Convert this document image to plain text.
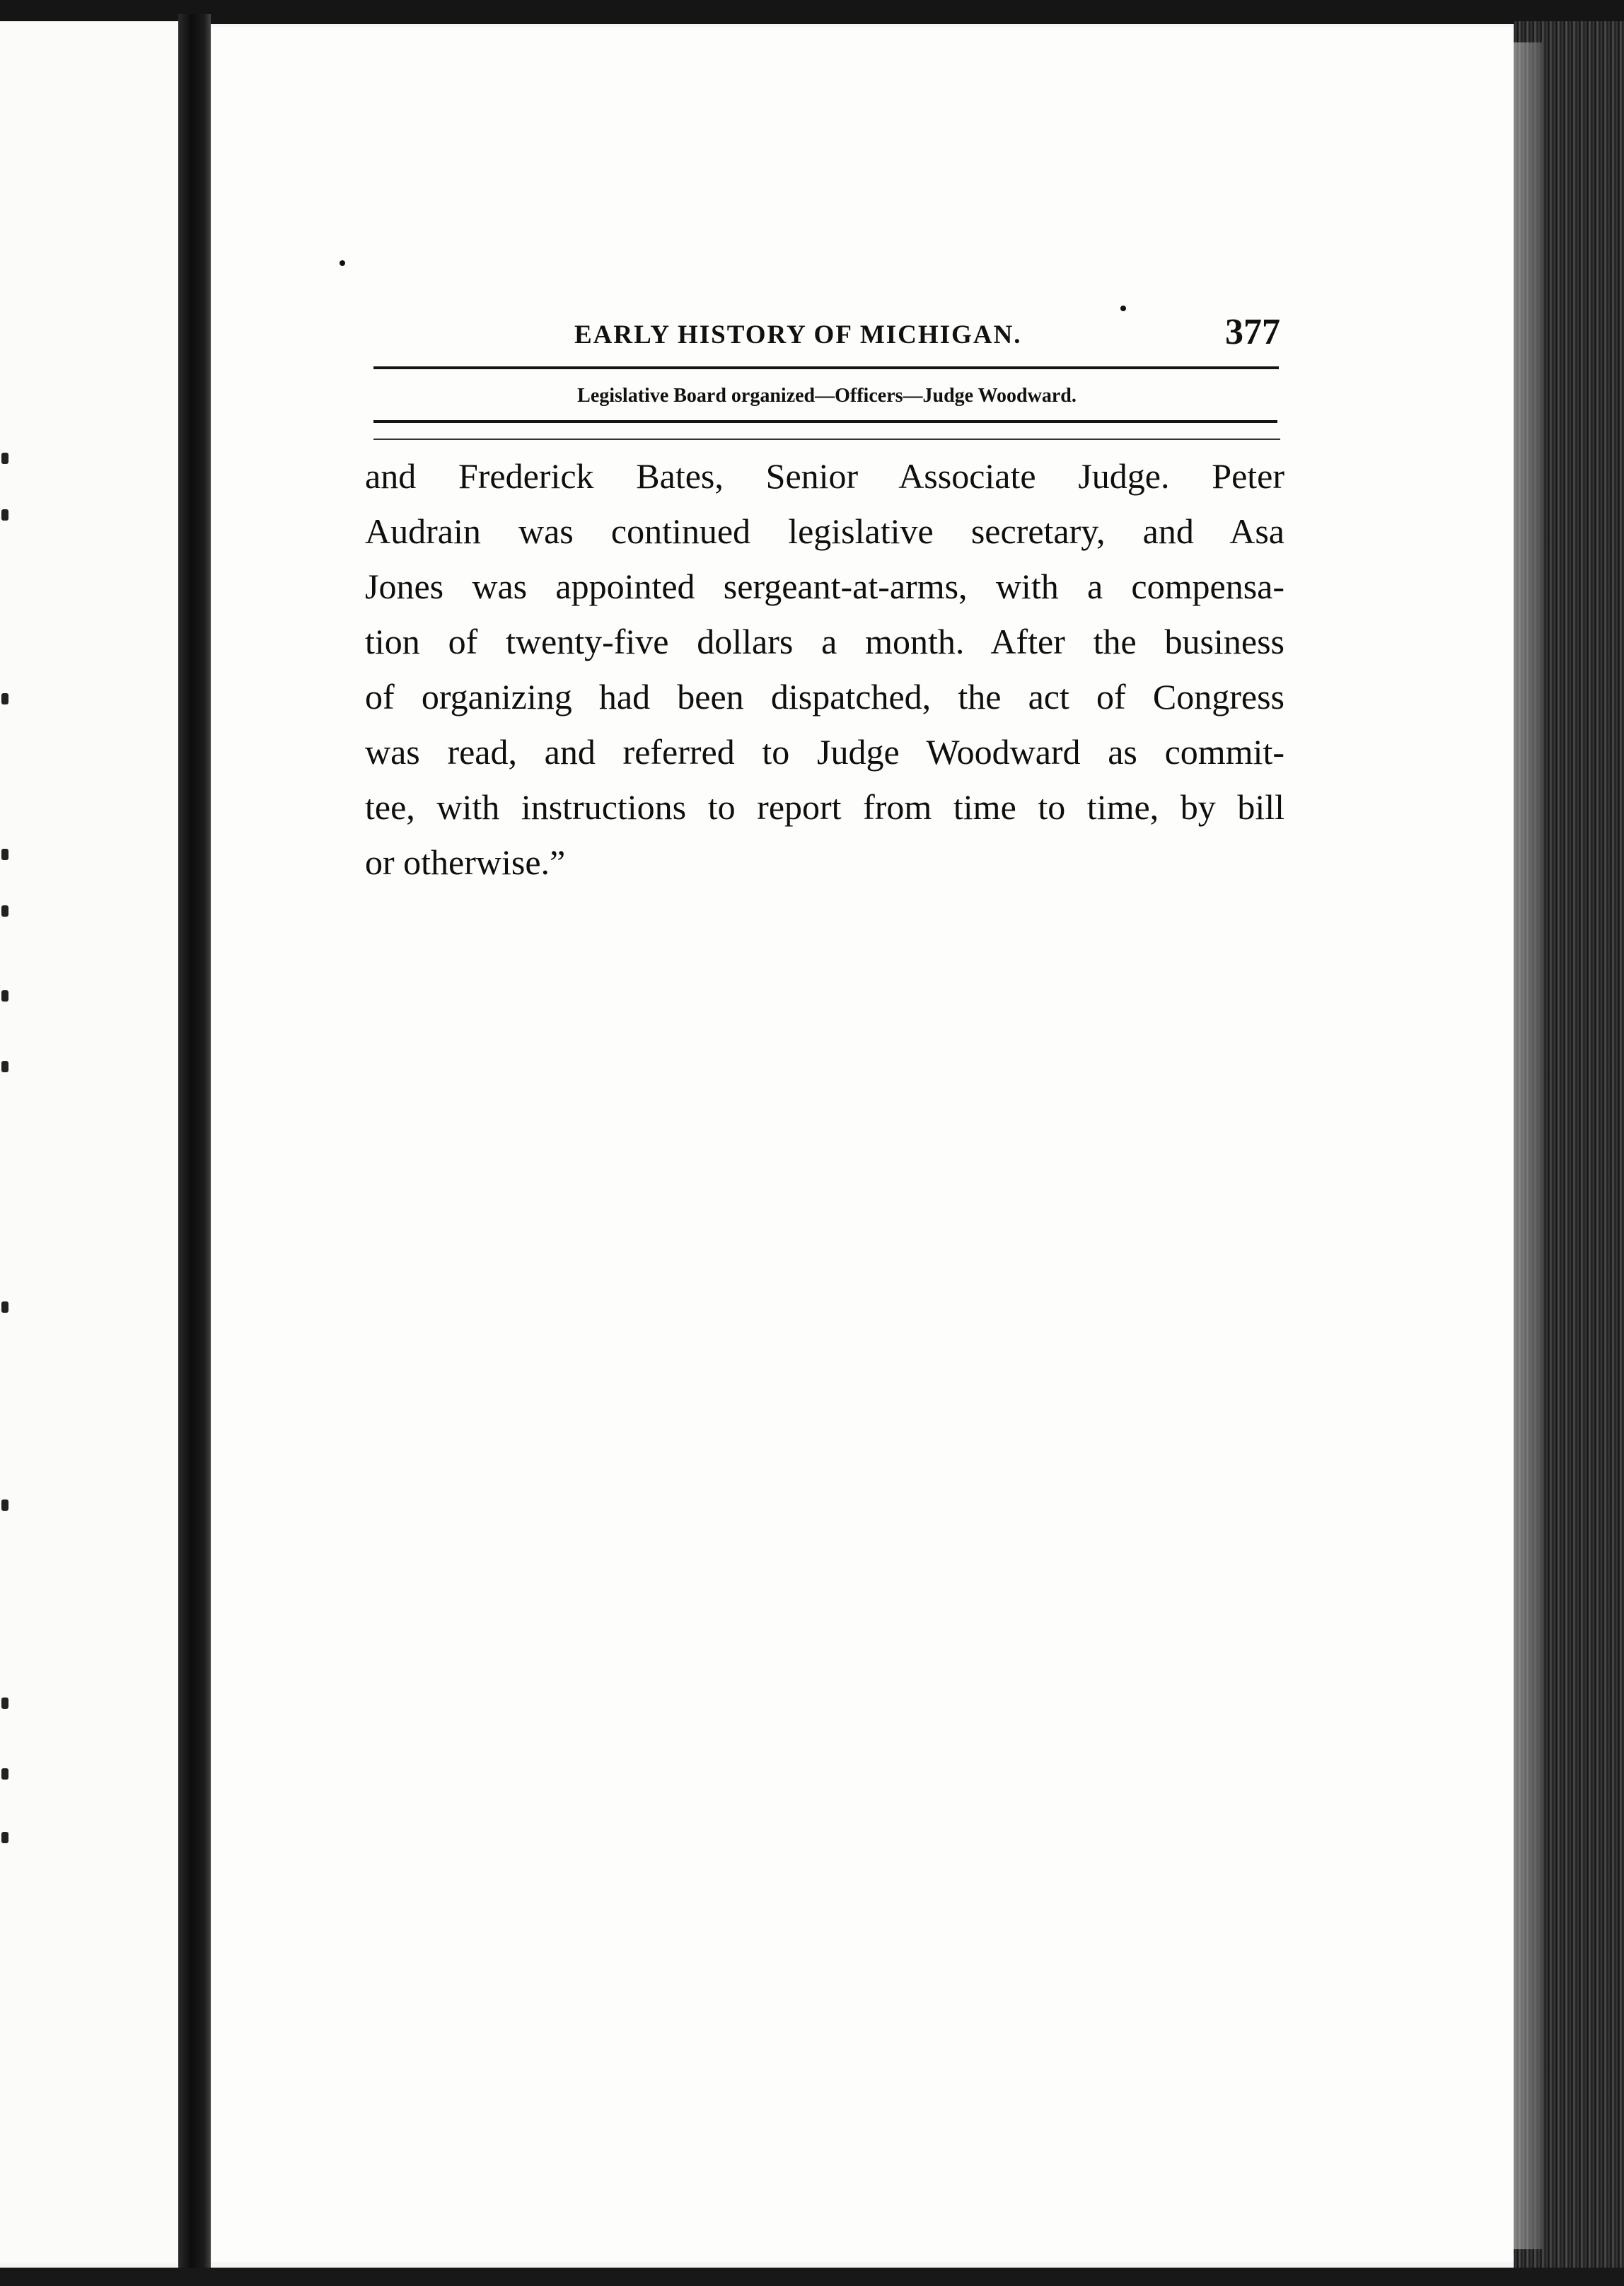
EARLY HISTORY OF MICHIGAN.	377
Legislative Board organized—Officers—Judge Woodward.
and Frederick Bates, Senior Associate Judge. Peter
Audrain was continued legislative secretary, and Asa
Jones was appointed sergeant-at-arms, with a compensa-
tion of twenty-five dollars a month. After the business
of organizing had been dispatched, the act of Congress
was read, and referred to Judge Woodward as commit-
tee, with instructions to report from time to time, by bill
or otherwise.”
